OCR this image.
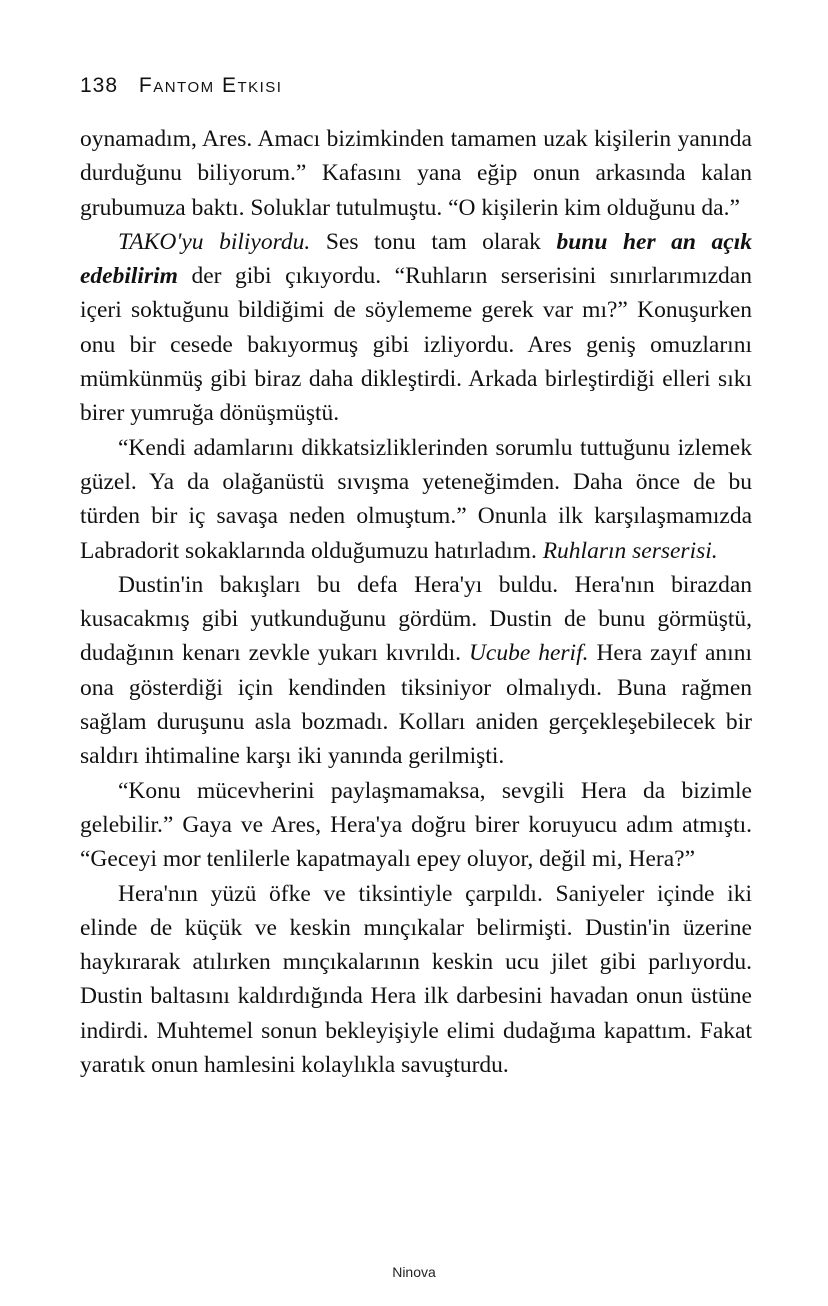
138 Fantom Etkisi

oynamadım, Ares. Amacı bizimkinden tamamen uzak kişilerin yanında durduğunu biliyorum.” Kafasını yana eğip onun arkasında kalan grubumuza baktı. Soluklar tutulmuştu. “O kişilerin kim olduğunu da.”

TAKO'yu biliyordu. Ses tonu tam olarak bunu her an açık edebilirim der gibi çıkıyordu. “Ruhların serserisini sınırlarımızdan içeri soktuğunu bildiğimi de söylememe gerek var mı?” Konuşurken onu bir cesede bakıyormuş gibi izliyordu. Ares geniş omuzlarını mümkünmüş gibi biraz daha dikleştirdi. Arkada birleştirdiği elleri sıkı birer yumruğa dönüşmüştü.

“Kendi adamlarını dikkatsizliklerinden sorumlu tuttuğunu izlemek güzel. Ya da olağanüstü sıvışma yeteneğimden. Daha önce de bu türden bir iç savaşa neden olmuştum.” Onunla ilk karşılaşmamızda Labradorit sokaklarında olduğumuzu hatırladım. Ruhların serserisi.

Dustin'in bakışları bu defa Hera'yı buldu. Hera'nın birazdan kusacakmış gibi yutkunduğunu gördüm. Dustin de bunu görmüştü, dudağının kenarı zevkle yukarı kıvrıldı. Ucube herif. Hera zayıf anını ona gösterdiği için kendinden tiksiniyor olmalıydı. Buna rağmen sağlam duruşunu asla bozmadı. Kolları aniden gerçekleşebilecek bir saldırı ihtimaline karşı iki yanında gerilmişti.

“Konu mücevherini paylaşmamaksa, sevgili Hera da bizimle gelebilir.” Gaya ve Ares, Hera'ya doğru birer koruyucu adım atmıştı. “Geceyi mor tenlilerle kapatmayalı epey oluyor, değil mi, Hera?”

Hera'nın yüzü öfke ve tiksintiyle çarpıldı. Saniyeler içinde iki elinde de küçük ve keskin mınçıkalar belirmişti. Dustin'in üzerine haykırarak atılırken mınçıkalarının keskin ucu jilet gibi parlıyordu. Dustin baltasını kaldırdığında Hera ilk darbesini havadan onun üstüne indirdi. Muhtemel sonun bekleyişiyle elimi dudağıma kapattım. Fakat yaratık onun hamlesini kolaylıkla savuşturdu.

Ninova
